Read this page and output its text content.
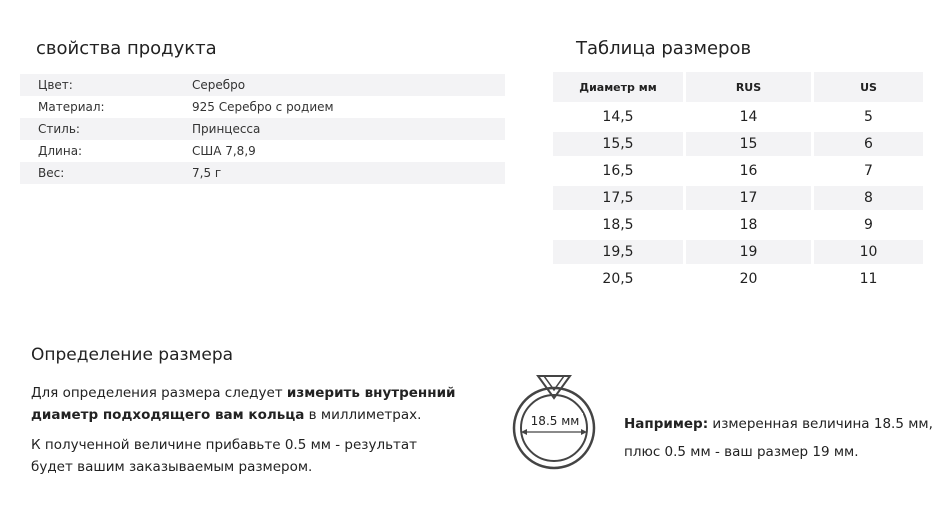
свойства продукта
Цвет:	Серебро
Материал:	925 Серебро с родием
Стиль:	Принцесса
Длина:	США 7,8,9
Вес:	7,5 г
Таблица размеров
Диаметр мм	RUS	US
14,5	14	5
15,5	15	6
16,5	16	7
17,5	17	8
18,5	18	9
19,5	19	10
20,5	20	11
Определение размера
Для определения размера следует измерить внутренний диаметр подходящего вам кольца в миллиметрах.
К полученной величине прибавьте 0.5 мм - результат будет вашим заказываемым размером.
18.5 мм	Например: измеренная величина 18.5 мм,
плюс 0.5 мм - ваш размер 19 мм.
